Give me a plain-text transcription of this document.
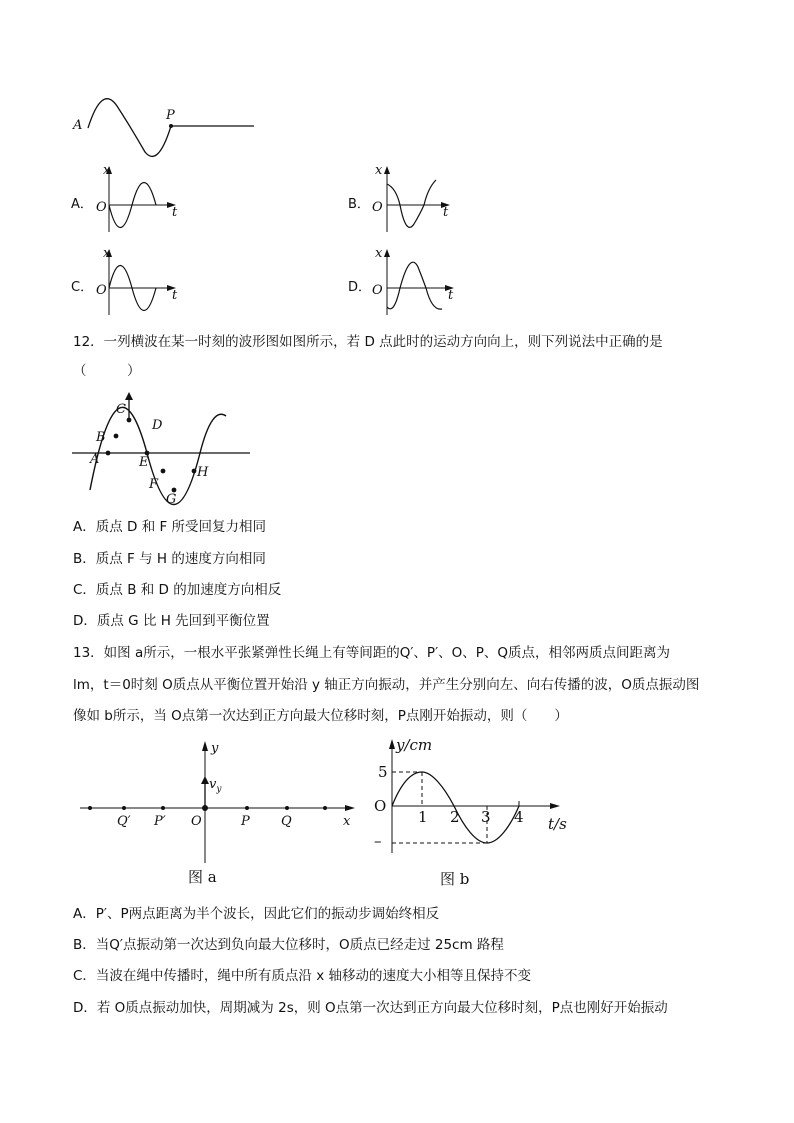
A
P
A．
x
O	t
B．
x
O	t
C．
x
O	t
D．
x
O	t
12．一列横波在某一时刻的波形图如图所示，若 D 点此时的运动方向向上，则下列说法中正确的是
（　　　）
A
B
C
D
E
F
G
H
A．质点 D 和 F 所受回复力相同
B．质点 F 与 H 的速度方向相同
C．质点 B 和 D 的加速度方向相反
D．质点 G 比 H 先回到平衡位置
13．如图 a所示，一根水平张紧弹性长绳上有等间距的Q′、P′、O、P、Q质点，相邻两质点间距离为
lm，t＝0时刻 O质点从平衡位置开始沿 y 轴正方向振动，并产生分别向左、向右传播的波，O质点振动图
像如 b所示，当 O点第一次达到正方向最大位移时刻，P点刚开始振动，则（　　）
y
x
$v_y$
Q′ P′ O	P Q
图 a
y/cm
t/s
O
5
–
1 2 3 4
图 b
A．P′、P两点距离为半个波长，因此它们的振动步调始终相反
B．当Q′点振动第一次达到负向最大位移时，O质点已经走过 25cm 路程
C．当波在绳中传播时，绳中所有质点沿 x 轴移动的速度大小相等且保持不变
D．若 O质点振动加快，周期减为 2s，则 O点第一次达到正方向最大位移时刻，P点也刚好开始振动
